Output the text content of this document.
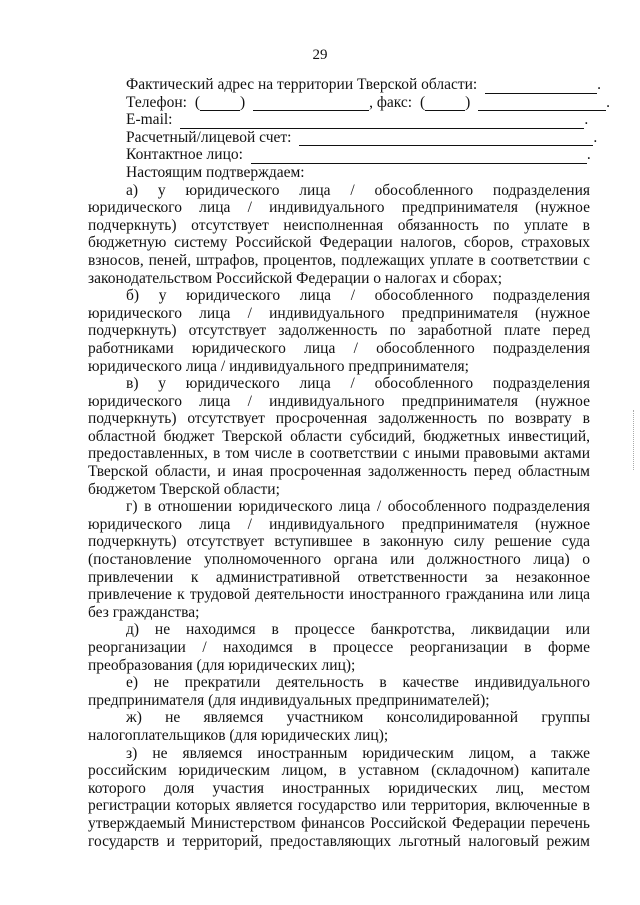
29
Фактический адрес на территории Тверской области:	.
Телефон: (	)	, факс: (	)	.
E-mail:	.
Расчетный/лицевой счет:	.
Контактное лицо:	.
Настоящим подтверждаем:

а) у юридического лица / обособленного подразделения юридического лица / индивидуального предпринимателя (нужное подчеркнуть) отсутствует неисполненная обязанность по уплате в бюджетную систему Российской Федерации налогов, сборов, страховых взносов, пеней, штрафов, процентов, подлежащих уплате в соответствии с законодательством Российской Федерации о налогах и сборах;

б) у юридического лица / обособленного подразделения юридического лица / индивидуального предпринимателя (нужное подчеркнуть) отсутствует задолженность по заработной плате перед работниками юридического лица / обособленного подразделения юридического лица / индивидуального предпринимателя;

в) у юридического лица / обособленного подразделения юридического лица / индивидуального предпринимателя (нужное подчеркнуть) отсутствует просроченная задолженность по возврату в областной бюджет Тверской области субсидий, бюджетных инвестиций, предоставленных, в том числе в соответствии с иными правовыми актами Тверской области, и иная просроченная задолженность перед областным бюджетом Тверской области;

г) в отношении юридического лица / обособленного подразделения юридического лица / индивидуального предпринимателя (нужное подчеркнуть) отсутствует вступившее в законную силу решение суда (постановление уполномоченного органа или должностного лица) о привлечении к административной ответственности за незаконное привлечение к трудовой деятельности иностранного гражданина или лица без гражданства;

д) не находимся в процессе банкротства, ликвидации или реорганизации / находимся в процессе реорганизации в форме преобразования (для юридических лиц);

е) не прекратили деятельность в качестве индивидуального предпринимателя (для индивидуальных предпринимателей);

ж) не являемся участником консолидированной группы налогоплательщиков (для юридических лиц);

з) не являемся иностранным юридическим лицом, а также российским юридическим лицом, в уставном (складочном) капитале которого доля участия иностранных юридических лиц, местом регистрации которых является государство или территория, включенные в утверждаемый Министерством финансов Российской Федерации перечень государств и территорий, предоставляющих льготный налоговый режим
